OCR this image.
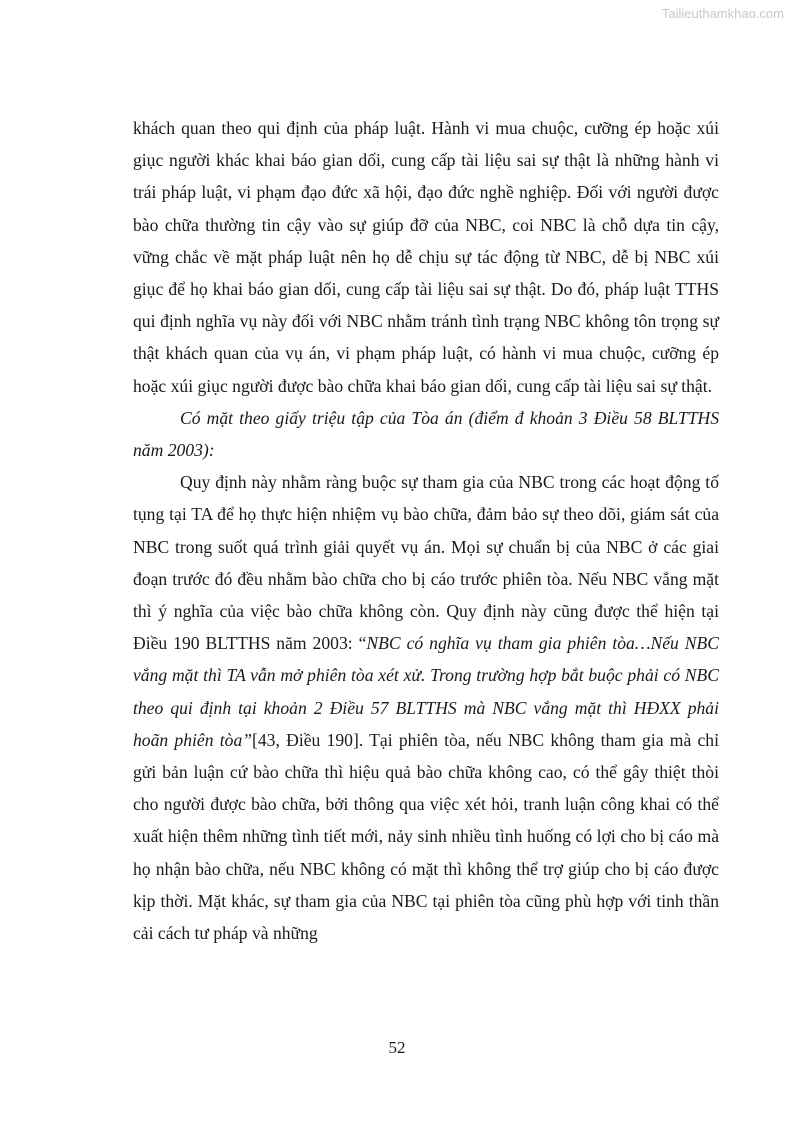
Tailieuthamkhao.com

khách quan theo qui định của pháp luật. Hành vi mua chuộc, cưỡng ép hoặc xúi giục người khác khai báo gian dối, cung cấp tài liệu sai sự thật là những hành vi trái pháp luật, vi phạm đạo đức xã hội, đạo đức nghề nghiệp. Đối với người được bào chữa thường tin cậy vào sự giúp đỡ của NBC, coi NBC là chỗ dựa tin cậy, vững chắc về mặt pháp luật nên họ dễ chịu sự tác động từ NBC, dễ bị NBC xúi giục để họ khai báo gian dối, cung cấp tài liệu sai sự thật. Do đó, pháp luật TTHS qui định nghĩa vụ này đối với NBC nhằm tránh tình trạng NBC không tôn trọng sự thật khách quan của vụ án, vi phạm pháp luật, có hành vi mua chuộc, cưỡng ép hoặc xúi giục người được bào chữa khai báo gian dối, cung cấp tài liệu sai sự thật.

Có mặt theo giấy triệu tập của Tòa án (điểm đ khoản 3 Điều 58 BLTTHS năm 2003):

Quy định này nhằm ràng buộc sự tham gia của NBC trong các hoạt động tố tụng tại TA để họ thực hiện nhiệm vụ bào chữa, đảm bảo sự theo dõi, giám sát của NBC trong suốt quá trình giải quyết vụ án. Mọi sự chuẩn bị của NBC ở các giai đoạn trước đó đều nhằm bào chữa cho bị cáo trước phiên tòa. Nếu NBC vắng mặt thì ý nghĩa của việc bào chữa không còn. Quy định này cũng được thể hiện tại Điều 190 BLTTHS năm 2003: “NBC có nghĩa vụ tham gia phiên tòa…Nếu NBC vắng mặt thì TA vẫn mở phiên tòa xét xử. Trong trường hợp bắt buộc phải có NBC theo qui định tại khoản 2 Điều 57 BLTTHS mà NBC vắng mặt thì HĐXX phải hoãn phiên tòa”[43, Điều 190]. Tại phiên tòa, nếu NBC không tham gia mà chỉ gửi bản luận cứ bào chữa thì hiệu quả bào chữa không cao, có thể gây thiệt thòi cho người được bào chữa, bởi thông qua việc xét hỏi, tranh luận công khai có thể xuất hiện thêm những tình tiết mới, nảy sinh nhiều tình huống có lợi cho bị cáo mà họ nhận bào chữa, nếu NBC không có mặt thì không thể trợ giúp cho bị cáo được kịp thời. Mặt khác, sự tham gia của NBC tại phiên tòa cũng phù hợp với tinh thần cải cách tư pháp và những

52
